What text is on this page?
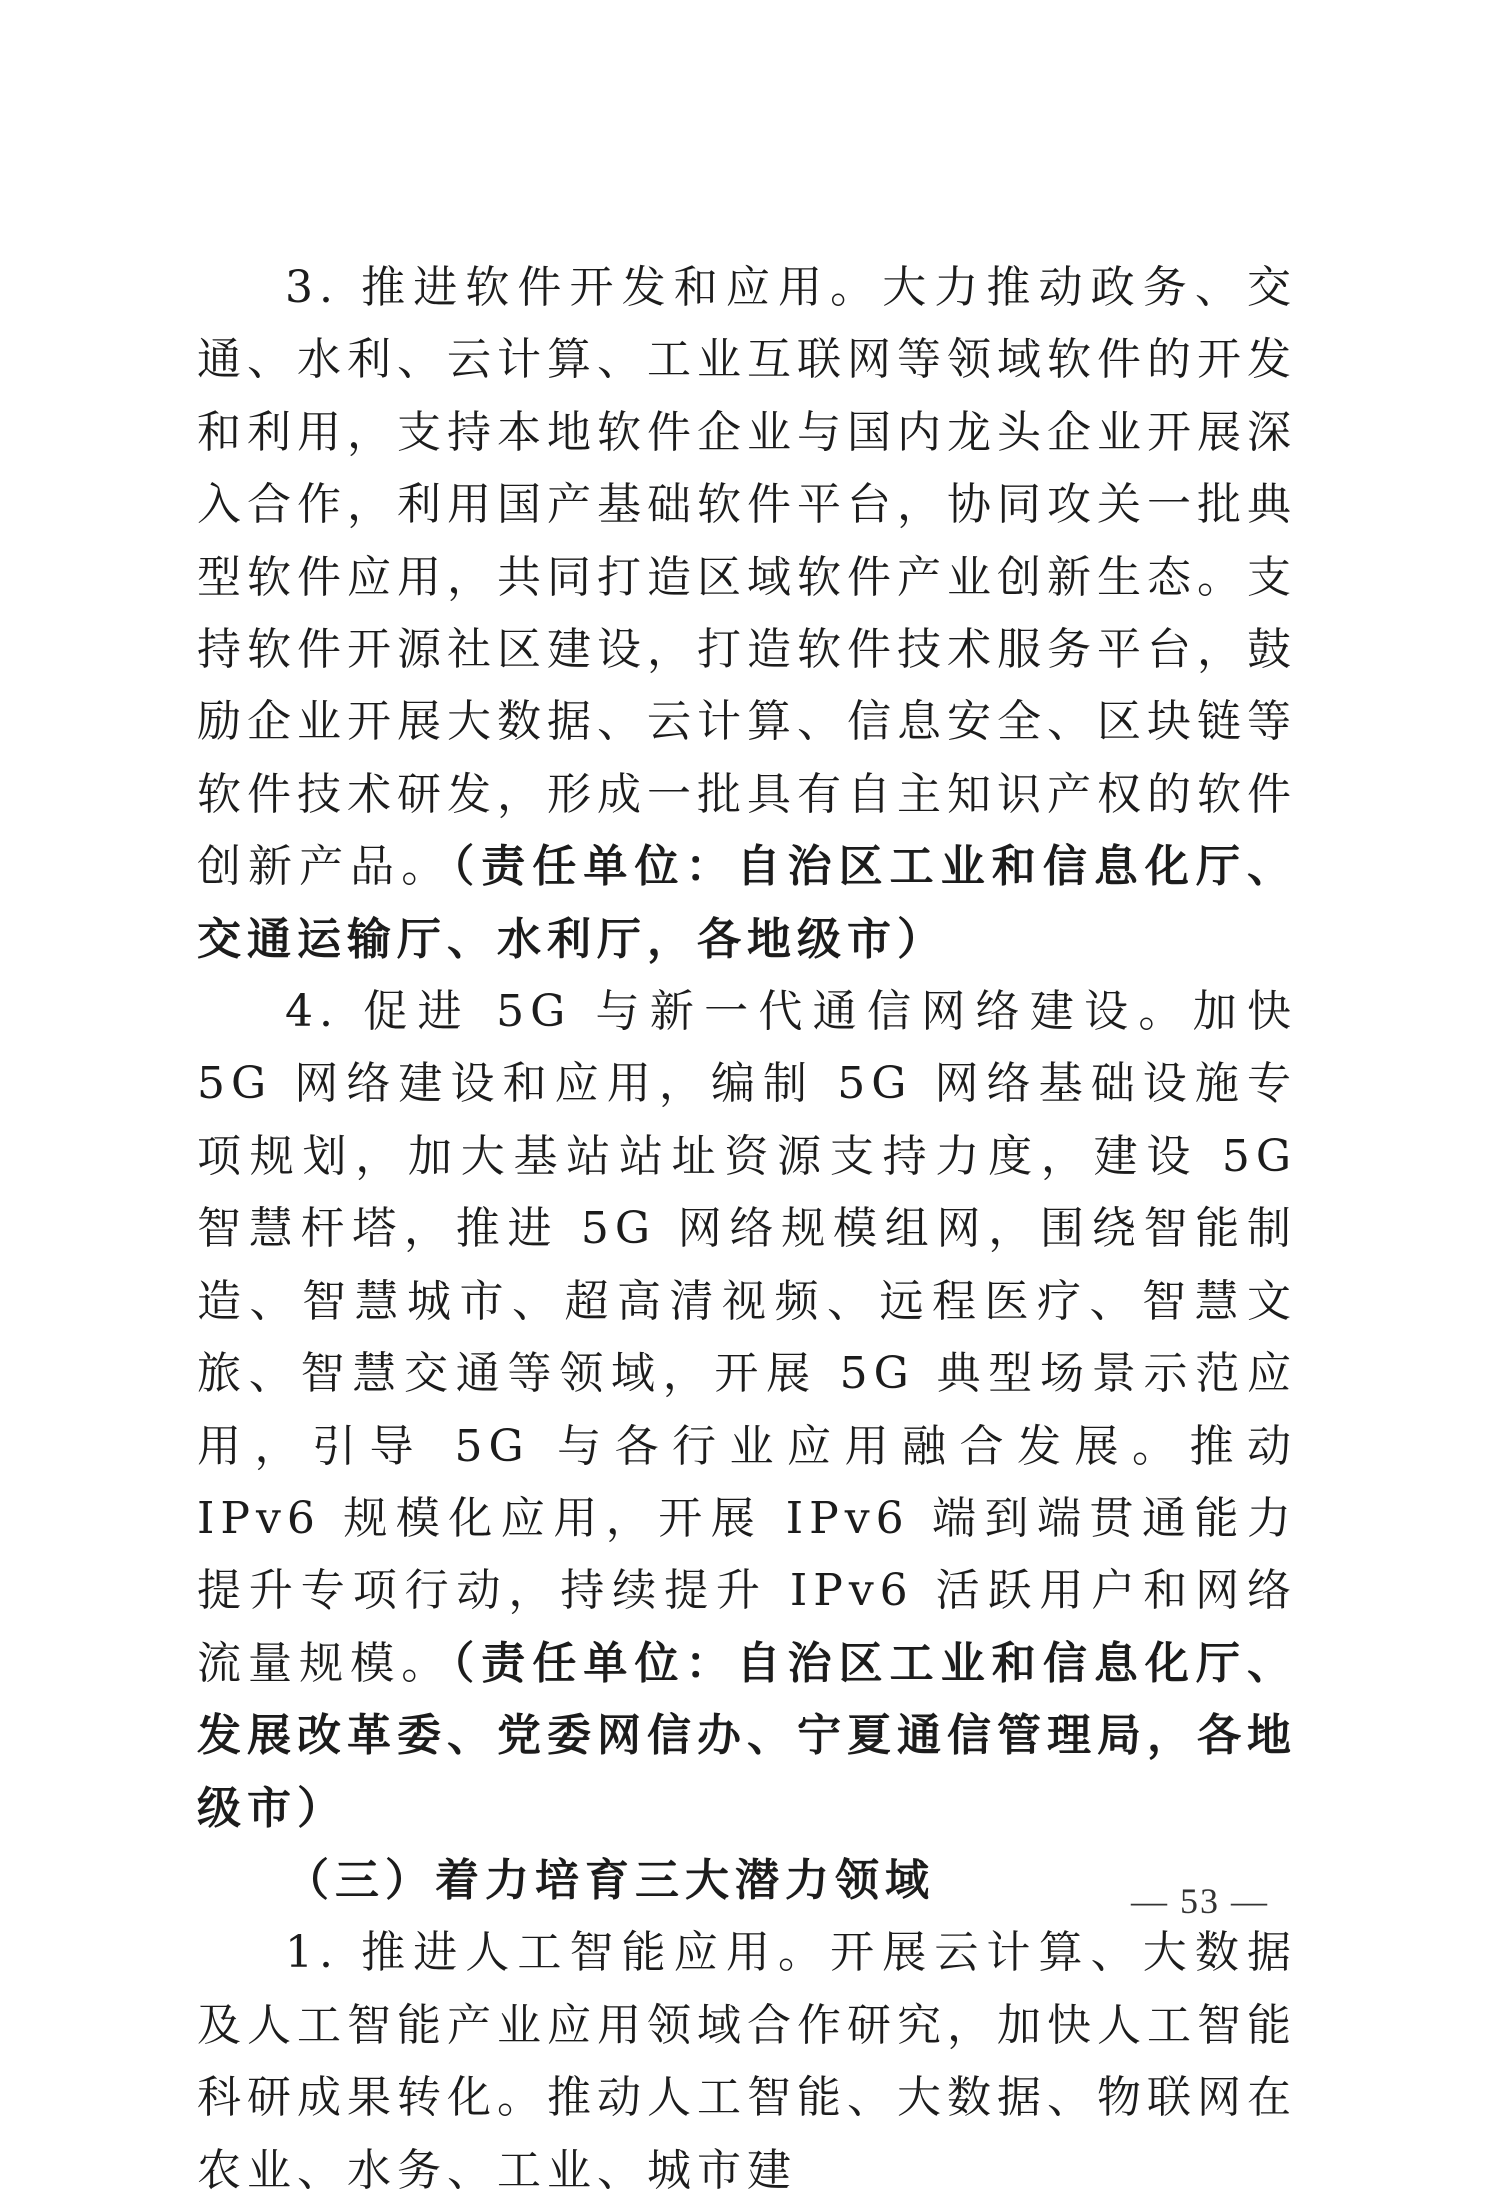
3. 推进软件开发和应用。大力推动政务、交通、水利、云计算、工业互联网等领域软件的开发和利用，支持本地软件企业与国内龙头企业开展深入合作，利用国产基础软件平台，协同攻关一批典型软件应用，共同打造区域软件产业创新生态。支持软件开源社区建设，打造软件技术服务平台，鼓励企业开展大数据、云计算、信息安全、区块链等软件技术研发，形成一批具有自主知识产权的软件创新产品。（责任单位：自治区工业和信息化厅、交通运输厅、水利厅，各地级市）

4. 促进 5G 与新一代通信网络建设。加快 5G 网络建设和应用，编制 5G 网络基础设施专项规划，加大基站站址资源支持力度，建设 5G 智慧杆塔，推进 5G 网络规模组网，围绕智能制造、智慧城市、超高清视频、远程医疗、智慧文旅、智慧交通等领域，开展 5G 典型场景示范应用，引导 5G 与各行业应用融合发展。推动 IPv6 规模化应用，开展 IPv6 端到端贯通能力提升专项行动，持续提升 IPv6 活跃用户和网络流量规模。（责任单位：自治区工业和信息化厅、发展改革委、党委网信办、宁夏通信管理局，各地级市）

（三）着力培育三大潜力领域

1. 推进人工智能应用。开展云计算、大数据及人工智能产业应用领域合作研究，加快人工智能科研成果转化。推动人工智能、大数据、物联网在农业、水务、工业、城市建

— 53 —
